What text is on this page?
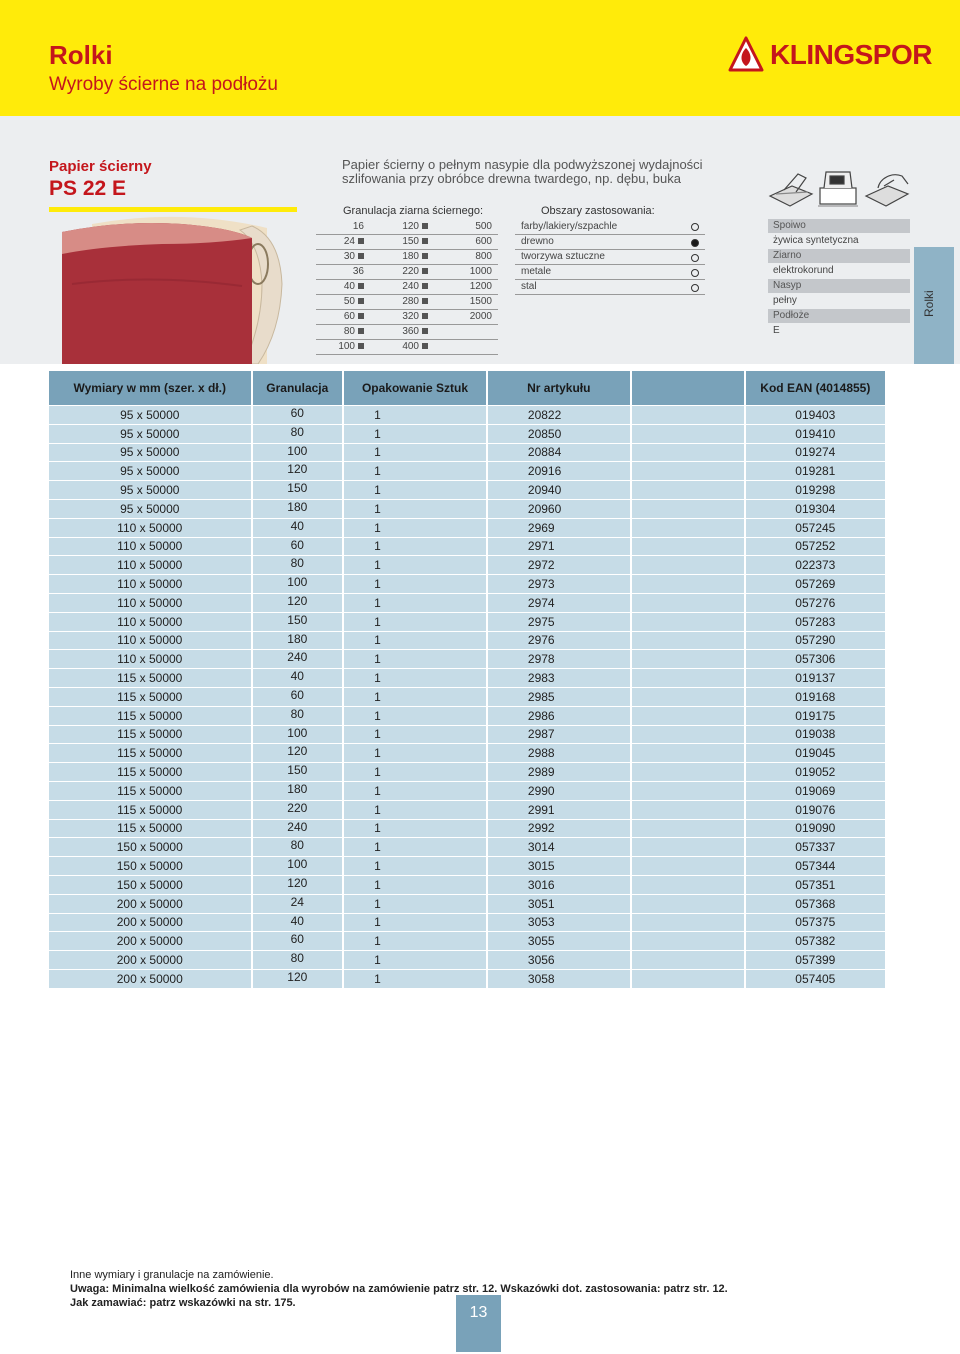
Rolki
Wyroby ścierne na podłożu
KLINGSPOR
Papier ścierny
PS 22 E
Papier ścierny o pełnym nasypie dla podwyższonej wydajności szlifowania przy obróbce drewna twardego, np. dębu, buka
Granulacja ziarna ściernego:
16	120	500
24	150	600
30	180	800
36	220	1000
40	240	1200
50	280	1500
60	320	2000
80	360	
100	400	
Obszary zastosowania:
farby/lakiery/szpachle

drewno

tworzywa sztuczne

metale

stal
Spoiwo
żywica syntetyczna
Ziarno
elektrokorund
Nasyp
pełny
Podłoże
E
Rolki
Wymiary w mm (szer. x dł.)	Granulacja	Opakowanie Sztuk	Nr artykułu		Kod EAN (4014855)
95 x 50000	60	1	20822		019403
95 x 50000	80	1	20850		019410
95 x 50000	100	1	20884		019274
95 x 50000	120	1	20916		019281
95 x 50000	150	1	20940		019298
95 x 50000	180	1	20960		019304
110 x 50000	40	1	2969		057245
110 x 50000	60	1	2971		057252
110 x 50000	80	1	2972		022373
110 x 50000	100	1	2973		057269
110 x 50000	120	1	2974		057276
110 x 50000	150	1	2975		057283
110 x 50000	180	1	2976		057290
110 x 50000	240	1	2978		057306
115 x 50000	40	1	2983		019137
115 x 50000	60	1	2985		019168
115 x 50000	80	1	2986		019175
115 x 50000	100	1	2987		019038
115 x 50000	120	1	2988		019045
115 x 50000	150	1	2989		019052
115 x 50000	180	1	2990		019069
115 x 50000	220	1	2991		019076
115 x 50000	240	1	2992		019090
150 x 50000	80	1	3014		057337
150 x 50000	100	1	3015		057344
150 x 50000	120	1	3016		057351
200 x 50000	24	1	3051		057368
200 x 50000	40	1	3053		057375
200 x 50000	60	1	3055		057382
200 x 50000	80	1	3056		057399
200 x 50000	120	1	3058		057405
Inne wymiary i granulacje na zamówienie.
Uwaga: Minimalna wielkość zamówienia dla wyrobów na zamówienie patrz str. 12. Wskazówki dot. zastosowania: patrz str. 12.
Jak zamawiać: patrz wskazówki na str. 175.
13
